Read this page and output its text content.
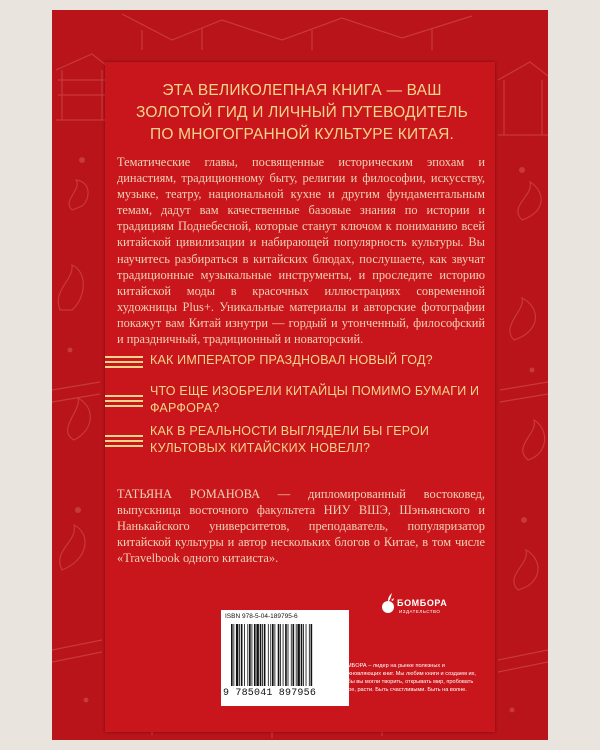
ЭТА ВЕЛИКОЛЕПНАЯ КНИГА — ВАШ ЗОЛОТОЙ ГИД И ЛИЧНЫЙ ПУТЕВОДИТЕЛЬ ПО МНОГОГРАННОЙ КУЛЬТУРЕ КИТАЯ.

Тематические главы, посвященные историческим эпохам и династиям, традиционному быту, религии и философии, искусству, музыке, театру, национальной кухне и другим фундаментальным темам, дадут вам качественные базовые знания по истории и традициям Поднебесной, которые станут ключом к пониманию всей китайской цивилизации и набирающей популярность культуры. Вы научитесь разбираться в китайских блюдах, послушаете, как звучат традиционные музыкальные инструменты, и проследите историю китайской моды в красочных иллюстрациях современной художницы Plus+. Уникальные материалы и авторские фотографии покажут вам Китай изнутри — гордый и утонченный, философский и праздничный, традиционный и новаторский.

КАК ИМПЕРАТОР ПРАЗДНОВАЛ НОВЫЙ ГОД?
ЧТО ЕЩЕ ИЗОБРЕЛИ КИТАЙЦЫ ПОМИМО БУМАГИ И ФАРФОРА?
КАК В РЕАЛЬНОСТИ ВЫГЛЯДЕЛИ БЫ ГЕРОИ КУЛЬТОВЫХ КИТАЙСКИХ НОВЕЛЛ?

ТАТЬЯНА РОМАНОВА — дипломированный востоковед, выпускница восточного факультета НИУ ВШЭ, Шэньянского и Нанькайского университетов, преподаватель, популяризатор китайской культуры и автор нескольких блогов о Китае, в том числе «Travelbook одного китаиста».

ISBN 978-5-04-189795-6
9 785041 897956
БОМБОРА
ИЗДАТЕЛЬСТВО
БОМБОРА – лидер на рынке полезных и вдохновляющих книг. Мы любим книги и создаем их, чтобы вы могли творить, открывать мир, пробовать новое, расти. Быть счастливыми. Быть на волне.
